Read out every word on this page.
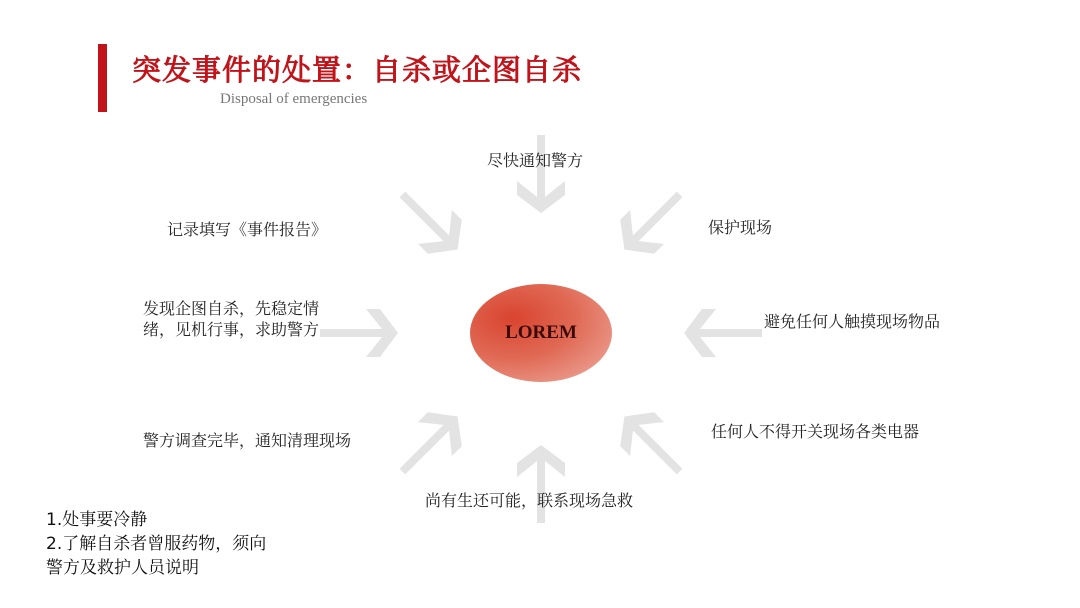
突发事件的处置：自杀或企图自杀
Disposal of emergencies
LOREM
尽快通知警方
保护现场
避免任何人触摸现场物品
任何人不得开关现场各类电器
尚有生还可能，联系现场急救
警方调查完毕，通知清理现场
发现企图自杀，先稳定情绪，见机行事，求助警方
记录填写《事件报告》
1.处事要冷静
2.了解自杀者曾服药物，须向
警方及救护人员说明
